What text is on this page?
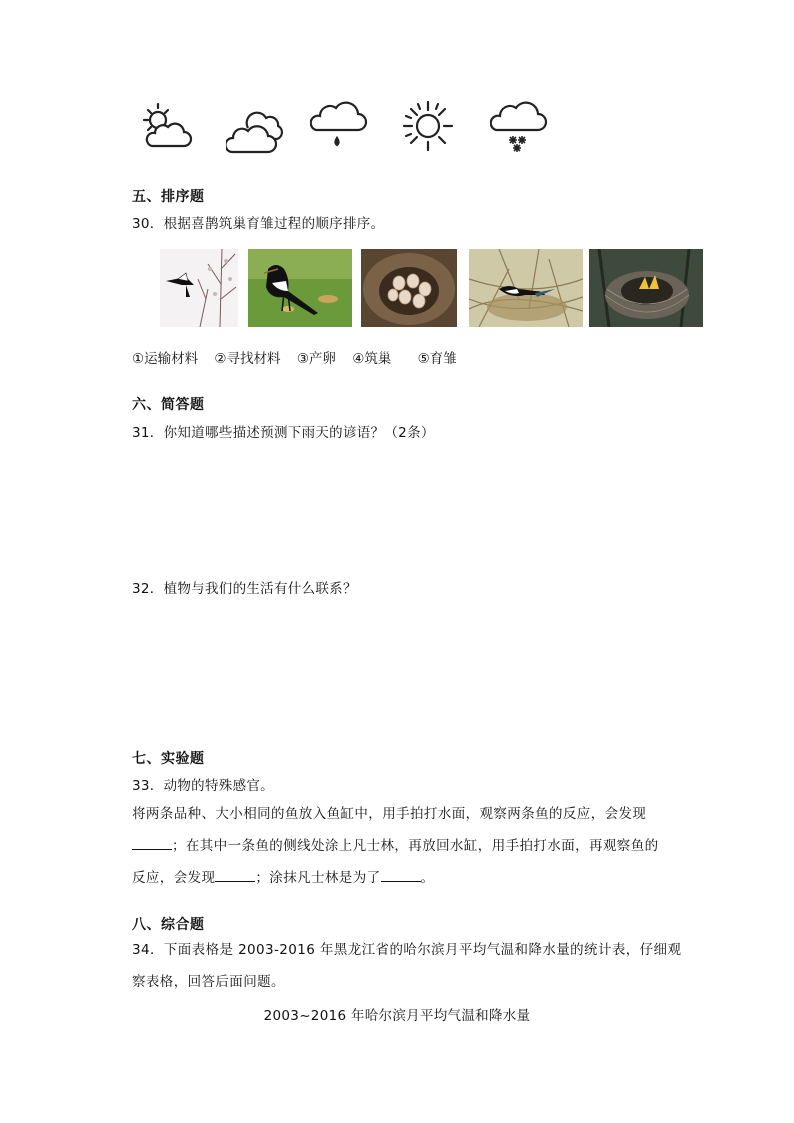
五、排序题
30．根据喜鹊筑巢育雏过程的顺序排序。
①运输材料 ②寻找材料 ③产卵 ④筑巢 ⑤育雏
六、简答题
31．你知道哪些描述预测下雨天的谚语？（2条）
32．植物与我们的生活有什么联系？
七、实验题
33．动物的特殊感官。
将两条品种、大小相同的鱼放入鱼缸中，用手拍打水面，观察两条鱼的反应，会发现
；在其中一条鱼的侧线处涂上凡士林，再放回水缸，用手拍打水面，再观察鱼的
反应，会发现	；涂抹凡士林是为了	。
八、综合题
34．下面表格是 2003-2016 年黑龙江省的哈尔滨月平均气温和降水量的统计表，仔细观
察表格，回答后面问题。
2003~2016 年哈尔滨月平均气温和降水量
